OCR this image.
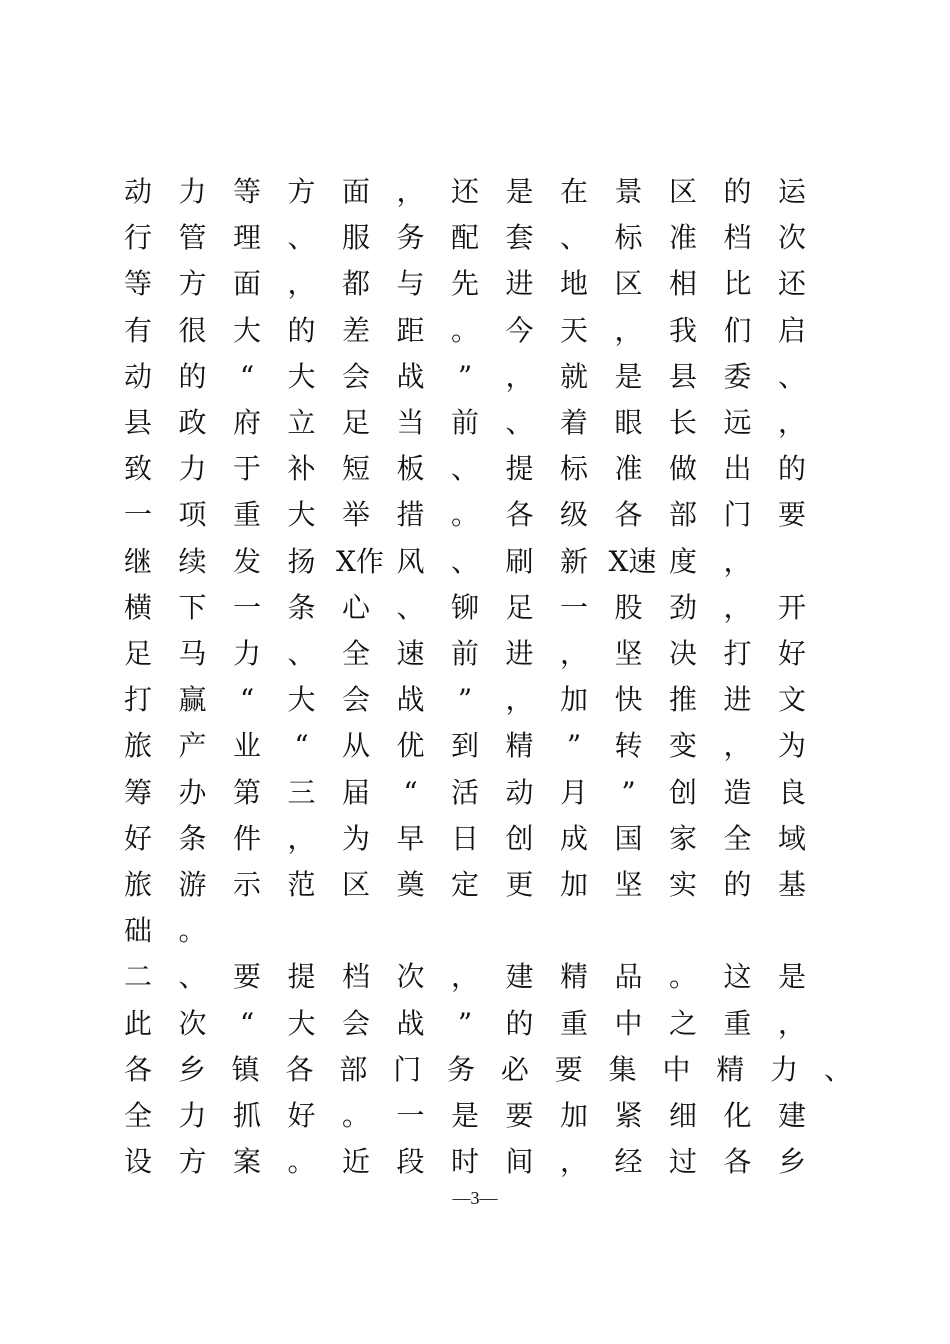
动 力 等 方 面 ， 还 是 在 景 区 的 运
行 管 理 、 服 务 配 套 、 标 准 档 次
等 方 面 ， 都 与 先 进 地 区 相 比 还
有 很 大 的 差 距 。 今 天 ， 我 们 启
动 的	“	大 会 战	”	， 就 是 县 委 、
县 政 府 立 足 当 前 、 着 眼 长 远 ，
致 力 于 补 短 板 、 提 标 准 做 出 的
一 项 重 大 举 措 。 各 级 各 部 门 要
继 续 发 扬 X作 风 、 刷 新 X速 度 ，
横 下 一 条 心 、 铆 足 一 股 劲 ， 开
足 马 力 、 全 速 前 进 ， 坚 决 打 好
打 赢	“	大 会 战	”	， 加 快 推 进 文
旅 产 业	“	从 优 到 精	”	转 变 ， 为
筹 办 第 三 届	“	活 动 月	”	创 造 良
好 条 件 ， 为 早 日 创 成 国 家 全 域
旅 游 示 范 区 奠 定 更 加 坚 实 的 基
础 。
二 、 要 提 档 次 ， 建 精 品 。 这 是
此 次	“	大 会 战	”	的 重 中 之 重 ，
各 乡 镇 各 部 门 务 必 要 集 中 精 力 、
全 力 抓 好 。 一 是 要 加 紧 细 化 建
设 方 案 。 近 段 时 间 ， 经 过 各 乡
—3—
